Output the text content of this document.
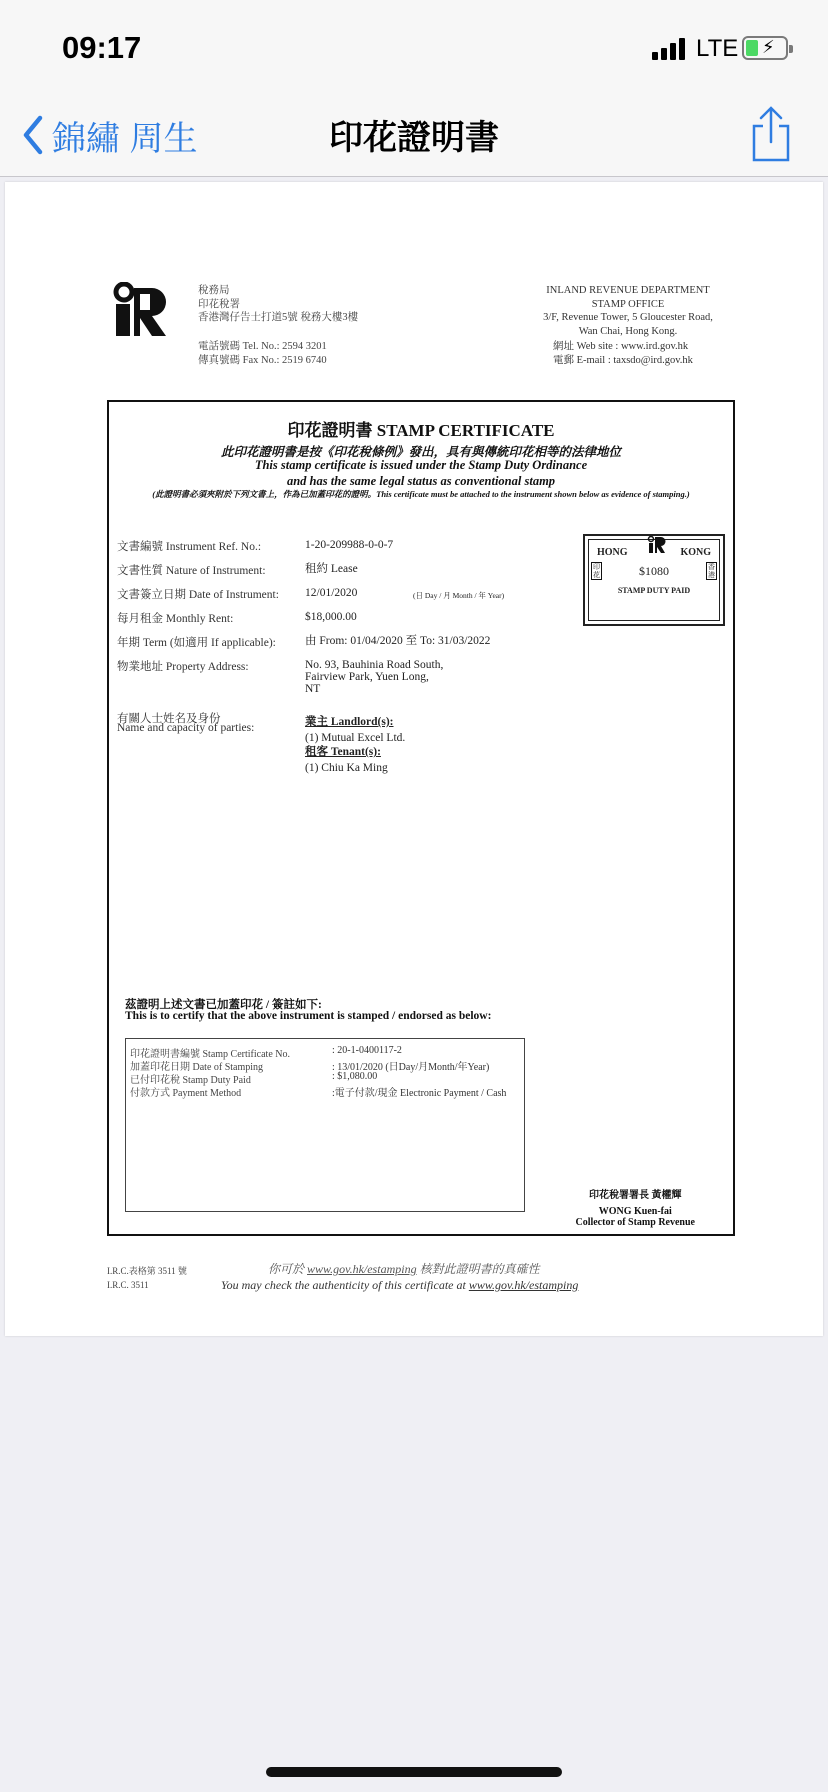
09:17	LTE ⚡
錦繡 周生	印花證明書
稅務局
印花稅署
香港灣仔告士打道5號 稅務大樓3樓
電話號碼 Tel. No.: 2594 3201
傳真號碼 Fax No.: 2519 6740
INLAND REVENUE DEPARTMENT
STAMP OFFICE
3/F, Revenue Tower, 5 Gloucester Road,
Wan Chai, Hong Kong.
網址 Web site : www.ird.gov.hk
電郵 E-mail : taxsdo@ird.gov.hk
印花證明書 STAMP CERTIFICATE
此印花證明書是按《印花稅條例》發出，具有與傳統印花相等的法律地位
This stamp certificate is issued under the Stamp Duty Ordinance
and has the same legal status as conventional stamp
(此證明書必須夾附於下列文書上，作為已加蓋印花的證明。This certificate must be attached to the instrument shown below as evidence of stamping.)
文書編號 Instrument Ref. No.:	1-20-209988-0-0-7
文書性質 Nature of Instrument:	租約 Lease
文書簽立日期 Date of Instrument: 12/01/2020	(日 Day / 月 Month / 年 Year)
每月租金 Monthly Rent:	$18,000.00
年期 Term (如適用 If applicable):	由 From: 01/04/2020 至 To: 31/03/2022
物業地址 Property Address:	No. 93, Bauhinia Road South,
Fairview Park, Yuen Long,
NT
有關人士姓名及身份
Name and capacity of parties:	業主 Landlord(s):
(1) Mutual Excel Ltd.
租客 Tenant(s):
(1) Chiu Ka Ming
HONG	KONG
印花
香港
$1080
STAMP DUTY PAID
茲證明上述文書已加蓋印花 / 簽註如下:
This is to certify that the above instrument is stamped / endorsed as below:
印花證明書編號 Stamp Certificate No.	: 20-1-0400117-2
加蓋印花日期 Date of Stamping	: 13/01/2020 (日Day/月Month/年Year)
已付印花稅 Stamp Duty Paid	: $1,080.00
付款方式 Payment Method	:電子付款/現金 Electronic Payment / Cash
印花稅署署長 黃權輝
WONG Kuen-fai
Collector of Stamp Revenue
I.R.C.表格第 3511 號
I.R.C. 3511
你可於 www.gov.hk/estamping 核對此證明書的真確性
You may check the authenticity of this certificate at www.gov.hk/estamping
